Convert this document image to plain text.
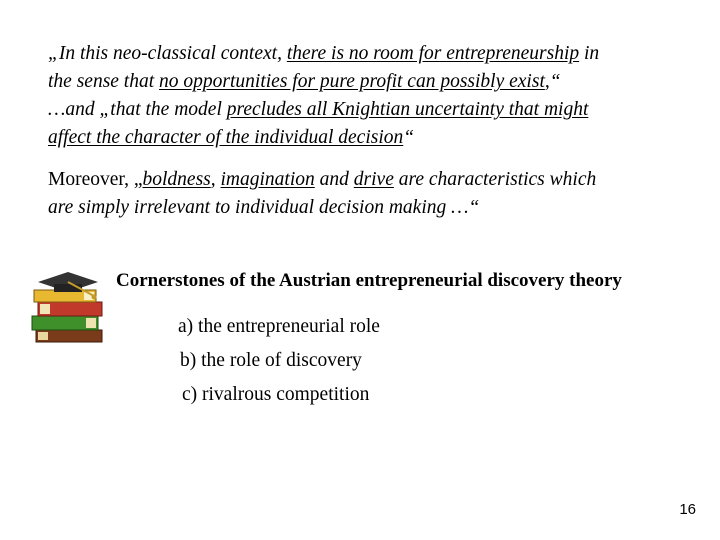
„In this neo-classical context, there is no room for entrepreneurship in
the sense that no opportunities for pure profit can possibly exist,“
…and „that the model precludes all Knightian uncertainty that might
affect the character of the individual decision“
Moreover, „boldness, imagination and drive are characteristics which
are simply irrelevant to individual decision making …“
Cornerstones of the Austrian entrepreneurial discovery theory
a) the entrepreneurial role
b) the role of discovery
c) rivalrous competition
16
